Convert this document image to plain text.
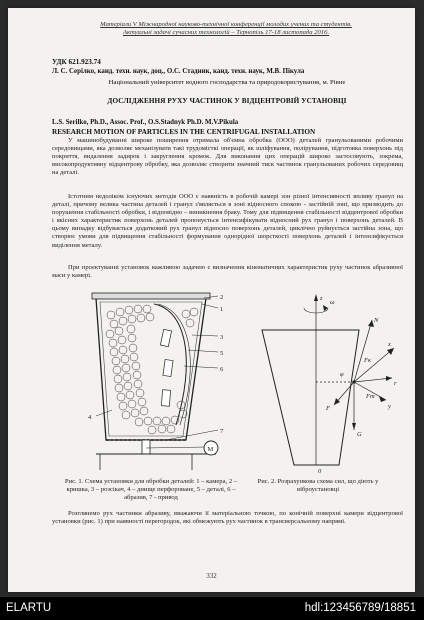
Матеріали V Міжнародної науково-технічної конференції молодих учених та студентів.
Актуальні задачі сучасних технологій – Тернопіль 17-18 листопада 2016.
УДК 621.923.74
Л. С. Серілко, канд. техн. наук, доц., О.С. Стадник, канд. техн. наук, М.В. Пікула
Національний університет водного господарства та природокористування, м. Рівне
ДОСЛІДЖЕННЯ РУХУ ЧАСТИНОК У ВІДЦЕНТРОВІЙ УСТАНОВЦІ
L.S. Serilko, Ph.D., Assoc. Prof., O.S.Stadnyk Ph.D. M.V.Pikula
RESEARCH MOTION OF PARTICLES IN THE CENTRIFUGAL INSTALLATION

У машинобудуванні широке поширення отримала об'ємна обробка (ООО) деталей гранульованими робочими середовищами, яка дозволяє механізувати такі трудомісткі операції, як шліфування, полірування, підготовка поверхонь під покриття, видалення задирок і закруглення кромок. Для виконання цих операцій широко застосовують, зокрема, високопродуктивну відцентрову обробку, яка дозволяє створити значний тиск частинок гранульованих робочих середовищ на деталі.

Істотним недоліком існуючих методів ООО є наявність в робочій камері зон різної інтенсивності впливу гранул на деталі, причому велика частина деталей і гранул з'являється в зоні відносного спокою - застійній зоні, що призводить до порушення стабільності обробки, і відповідно – виникнення браку. Тому для підвищення стабільності відцентрової обробки і якісних характеристик поверхонь деталей пропонується інтенсифікувати відносний рух гранул і поверхонь деталей. В цьому випадку відбувається додатковий рух гранул відносно поверхонь деталей, циклічно руйнується застійна зона, що створює умови для підвищення стабільності формування однорідної шорсткості поверхонь деталей і інтенсифікується виділення металу.

При проектуванні установок важливою задачею є визначення кінематичних характеристик руху частинок абразивної маси у камері.

M
1
2
3
4
5
6
7
z
r
x
y
N
F
G
Fк
Fт
φ
0
ω
Рис. 1. Схема установки для обробки деталей: 1 – камера, 2 – кришка, 3 – розсікач, 4 – днище перфороване, 5 – деталі, 6 – абразив, 7 - привод
Рис. 2. Розрахункова схема сил, що діють у віброустановці

Розглянемо рух частинки абразиву, вважаючи її матеріальною точкою, по конічній поверхні камери відцентрової установки (рис. 1) при наявності перегородок, які обмежують рух частинок в трансверсальному напрямі.

332
ELARTU	hdl:123456789/18851
